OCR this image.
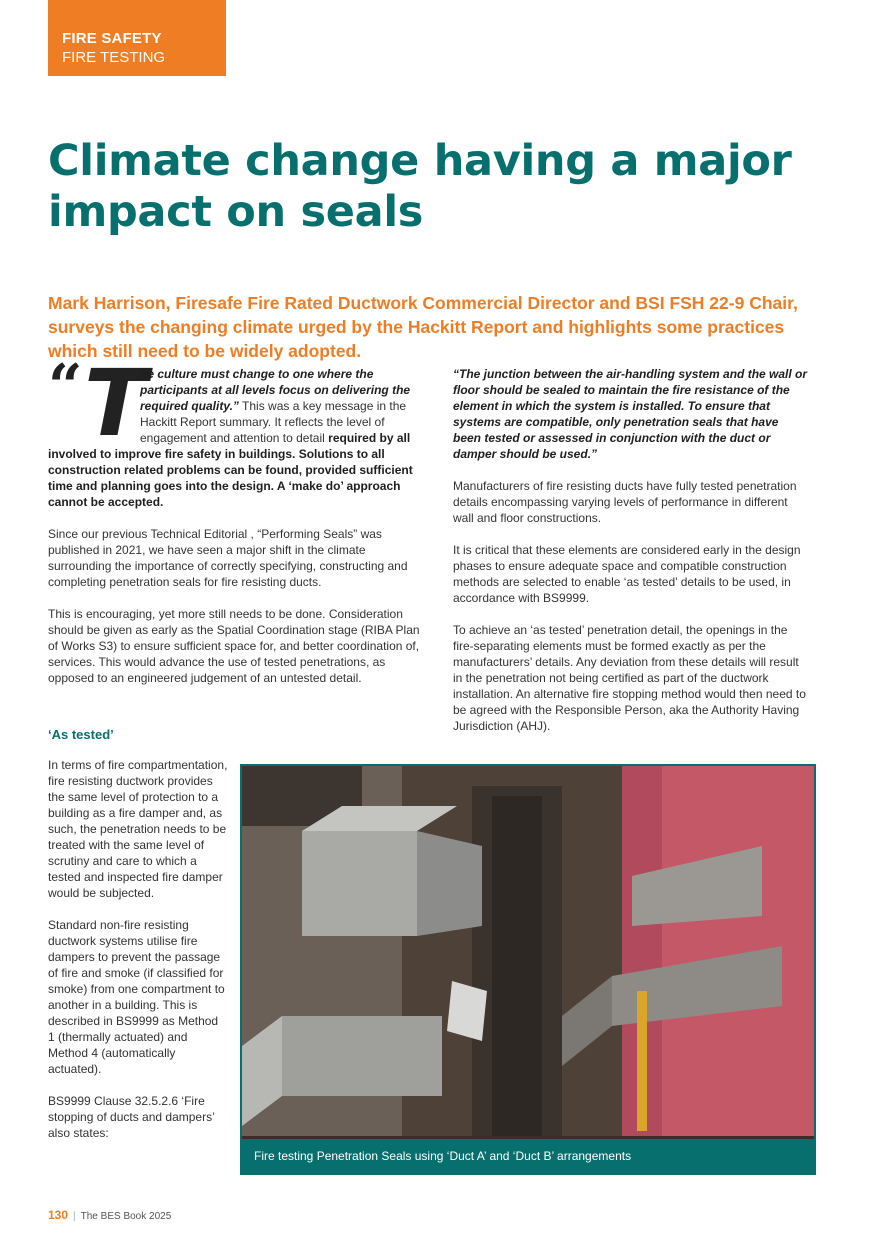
FIRE SAFETY
FIRE TESTING
Climate change having a major impact on seals

Mark Harrison, Firesafe Fire Rated Ductwork Commercial Director and BSI FSH 22-9 Chair, surveys the changing climate urged by the Hackitt Report and highlights some practices which still need to be widely adopted.

“ T
he culture must change to one where the participants at all levels focus on delivering the required quality.” This was a key message in the Hackitt Report summary. It reflects the level of engagement and attention to detail required by all involved to improve fire safety in buildings. Solutions to all construction related problems can be found, provided sufficient time and planning goes into the design. A ‘make do’ approach cannot be accepted.

Since our previous Technical Editorial , “Performing Seals” was published in 2021, we have seen a major shift in the climate surrounding the importance of correctly specifying, constructing and completing penetration seals for fire resisting ducts.

This is encouraging, yet more still needs to be done. Consideration should be given as early as the Spatial Coordination stage (RIBA Plan of Works S3) to ensure sufficient space for, and better coordination of, services. This would advance the use of tested penetrations, as opposed to an engineered judgement of an untested detail.

‘As tested’

In terms of fire compartmentation, fire resisting ductwork provides the same level of protection to a building as a fire damper and, as such, the penetration needs to be treated with the same level of scrutiny and care to which a tested and inspected fire damper would be subjected.

Standard non-fire resisting ductwork systems utilise fire dampers to prevent the passage of fire and smoke (if classified for smoke) from one compartment to another in a building. This is described in BS9999 as Method 1 (thermally actuated) and Method 4 (automatically actuated).

BS9999 Clause 32.5.2.6 ‘Fire stopping of ducts and dampers’ also states:

“The junction between the air-handling system and the wall or floor should be sealed to maintain the fire resistance of the element in which the system is installed. To ensure that systems are compatible, only penetration seals that have been tested or assessed in conjunction with the duct or damper should be used.”

Manufacturers of fire resisting ducts have fully tested penetration details encompassing varying levels of performance in different wall and floor constructions.

It is critical that these elements are considered early in the design phases to ensure adequate space and compatible construction methods are selected to enable ‘as tested’ details to be used, in accordance with BS9999.

To achieve an ‘as tested’ penetration detail, the openings in the fire-separating elements must be formed exactly as per the manufacturers’ details. Any deviation from these details will result in the penetration not being certified as part of the ductwork installation. An alternative fire stopping method would then need to be agreed with the Responsible Person, aka the Authority Having Jurisdiction (AHJ).

Fire testing Penetration Seals using ‘Duct A’ and ‘Duct B’ arrangements
130 | The BES Book 2025
